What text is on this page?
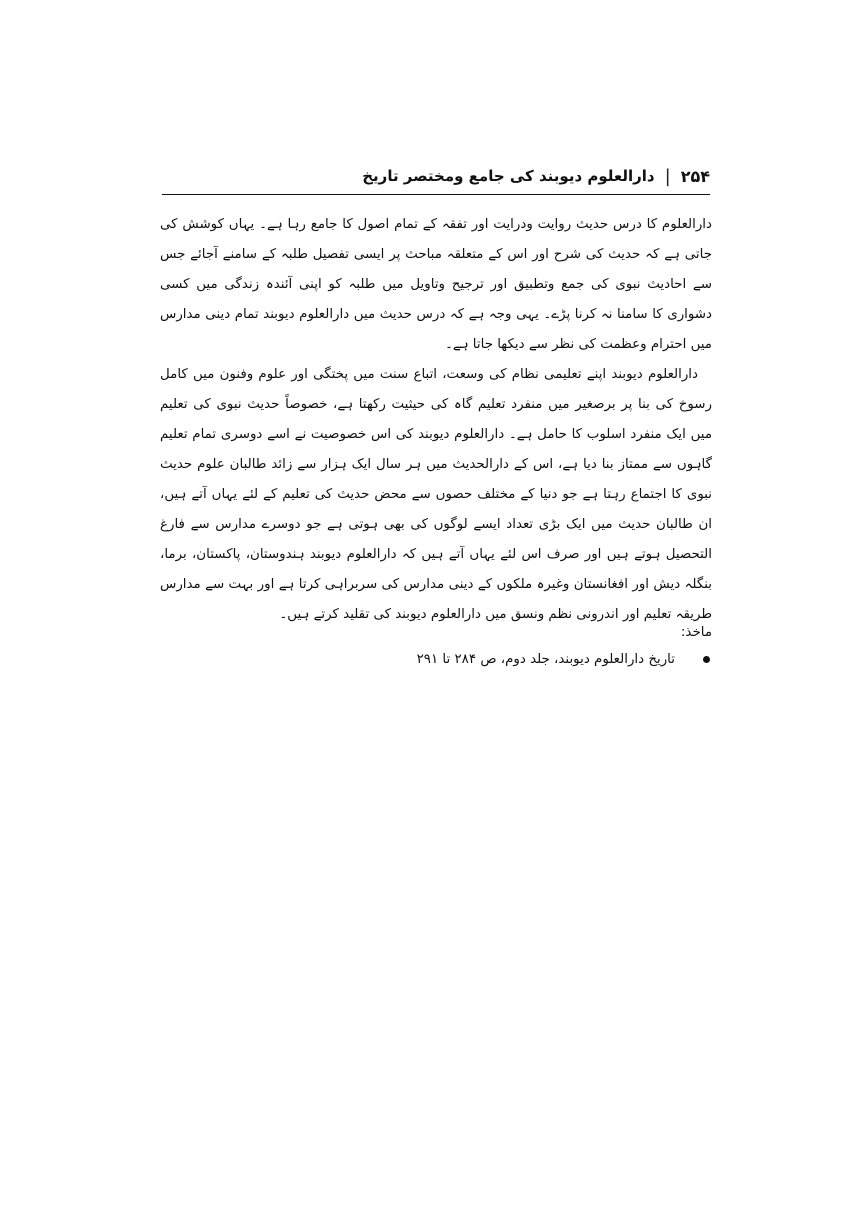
۲۵۴
|
دارالعلوم دیوبند کی جامع ومختصر تاریخ

دارالعلوم کا درس حدیث روایت ودرایت اور تفقہ کے تمام اصول کا جامع رہا ہے۔ یہاں کوشش کی جاتی ہے کہ حدیث کی شرح اور اس کے متعلقہ مباحث پر ایسی تفصیل طلبہ کے سامنے آجائے جس سے احادیث نبوی کی جمع وتطبیق اور ترجیح وتاویل میں طلبہ کو اپنی آئندہ زندگی میں کسی دشواری کا سامنا نہ کرنا پڑے۔ یہی وجہ ہے کہ درس حدیث میں دارالعلوم دیوبند تمام دینی مدارس میں احترام وعظمت کی نظر سے دیکھا جاتا ہے۔

دارالعلوم دیوبند اپنے تعلیمی نظام کی وسعت، اتباع سنت میں پختگی اور علوم وفنون میں کامل رسوخ کی بنا پر برصغیر میں منفرد تعلیم گاہ کی حیثیت رکھتا ہے، خصوصاً حدیث نبوی کی تعلیم میں ایک منفرد اسلوب کا حامل ہے۔ دارالعلوم دیوبند کی اس خصوصیت نے اسے دوسری تمام تعلیم گاہوں سے ممتاز بنا دیا ہے، اس کے دارالحدیث میں ہر سال ایک ہزار سے زائد طالبان علوم حدیث نبوی کا اجتماع رہتا ہے جو دنیا کے مختلف حصوں سے محض حدیث کی تعلیم کے لئے یہاں آتے ہیں، ان طالبان حدیث میں ایک بڑی تعداد ایسے لوگوں کی بھی ہوتی ہے جو دوسرے مدارس سے فارغ التحصیل ہوتے ہیں اور صرف اس لئے یہاں آتے ہیں کہ دارالعلوم دیوبند ہندوستان، پاکستان، برما، بنگلہ دیش اور افغانستان وغیرہ ملکوں کے دینی مدارس کی سربراہی کرتا ہے اور بہت سے مدارس طریقہ تعلیم اور اندرونی نظم ونسق میں دارالعلوم دیوبند کی تقلید کرتے ہیں۔

ماخذ:
تاریخ دارالعلوم دیوبند، جلد دوم، ص ۲۸۴ تا ۲۹۱
